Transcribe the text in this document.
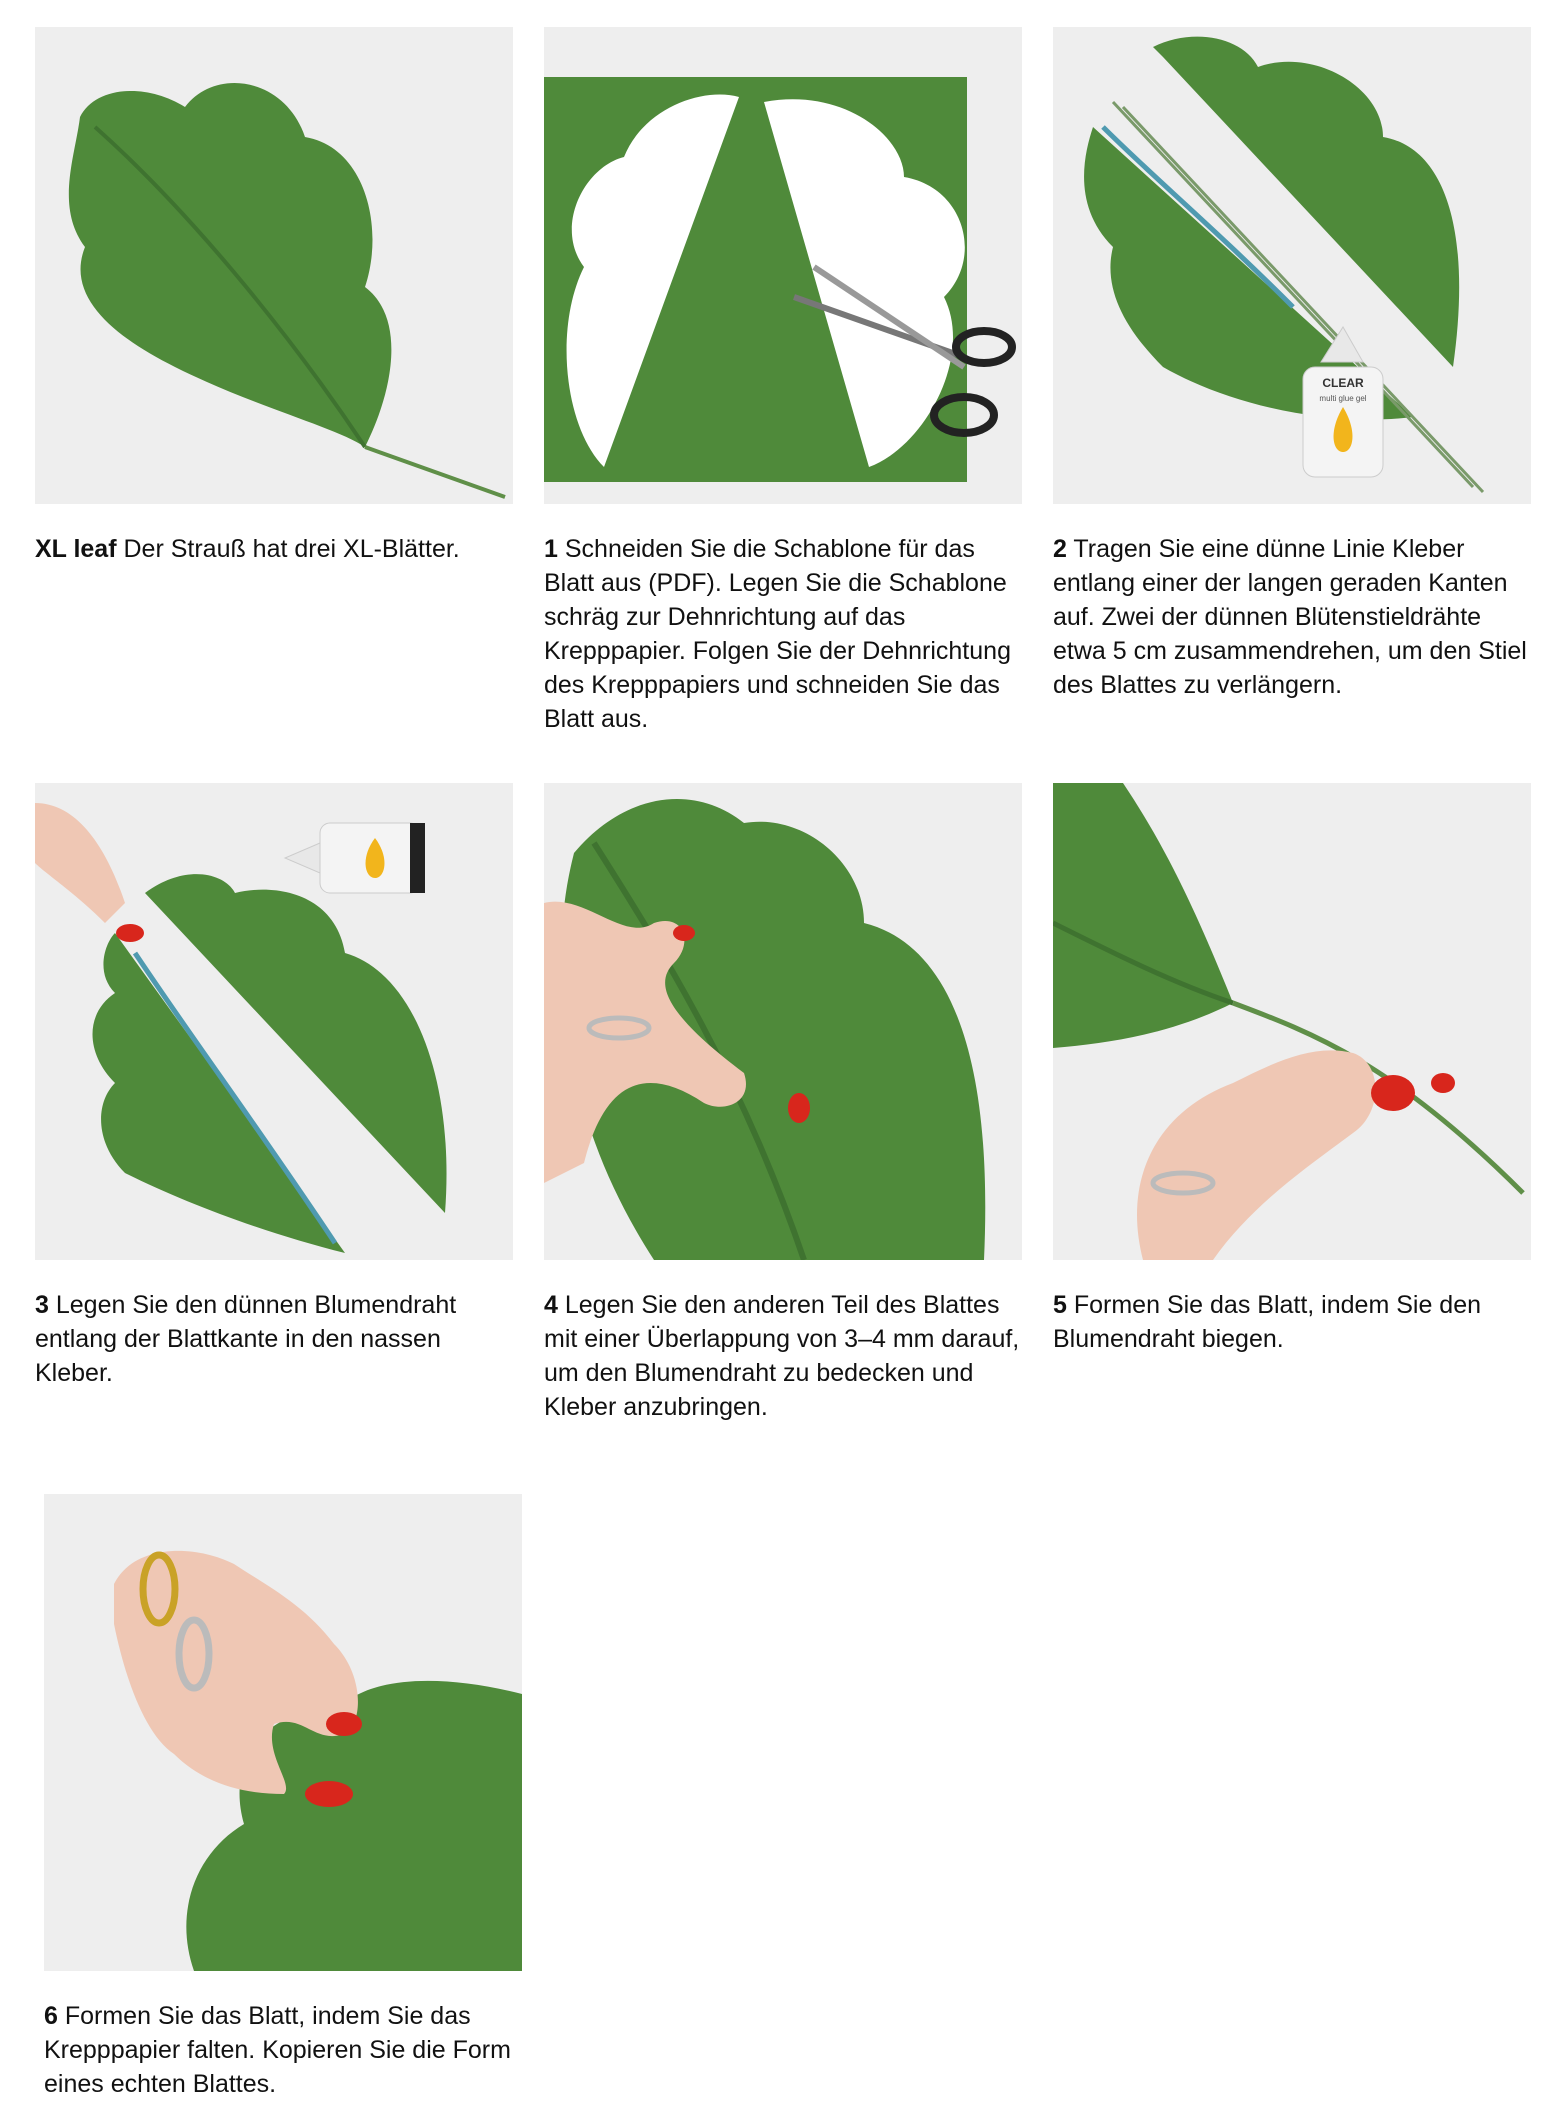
XL leaf Der Strauß hat drei XL-Blätter.	1 Schneiden Sie die Schablone für das Blatt aus (PDF). Legen Sie die Schablone schräg zur Dehnrichtung auf das Krepppapier. Folgen Sie der Dehnrichtung des Krepppapiers und schneiden Sie das Blatt aus.
CLEAR
multi glue gel
2 Tragen Sie eine dünne Linie Kleber entlang einer der langen geraden Kanten auf. Zwei der dünnen Blütenstieldrähte etwa 5 cm zusammendrehen, um den Stiel des Blattes zu verlängern.
3 Legen Sie den dünnen Blumendraht entlang der Blattkante in den nassen Kleber.
4 Legen Sie den anderen Teil des Blattes mit einer Überlappung von 3–4 mm darauf, um den Blumendraht zu bedecken und Kleber anzubringen.
5 Formen Sie das Blatt, indem Sie den Blumendraht biegen.
6 Formen Sie das Blatt, indem Sie das Krepppapier falten. Kopieren Sie die Form eines echten Blattes.
